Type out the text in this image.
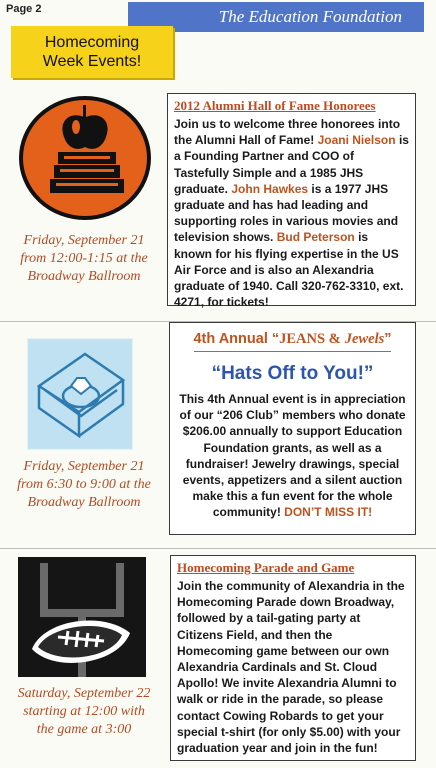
Page 2	The Education Foundation
Homecoming
Week Events!
Friday, September 21
from 12:00-1:15 at the
Broadway Ballroom
2012 Alumni Hall of Fame Honorees
Join us to welcome three honorees into the Alumni Hall of Fame! Joani Nielson is a Founding Partner and COO of Tastefully Simple and a 1985 JHS graduate. John Hawkes is a 1977 JHS graduate and has had leading and supporting roles in various movies and television shows. Bud Peterson is known for his flying expertise in the US Air Force and is also an Alexandria graduate of 1940. Call 320-762-3310, ext. 4271, for tickets!
Friday, September 21
from 6:30 to 9:00 at the
Broadway Ballroom
4th Annual “JEANS & Jewels”
“Hats Off to You!”
This 4th Annual event is in appreciation of our “206 Club” members who donate $206.00 annually to support Education Foundation grants, as well as a fundraiser! Jewelry drawings, special events, appetizers and a silent auction make this a fun event for the whole community! DON’T MISS IT!
Saturday, September 22
starting at 12:00 with
the game at 3:00
Homecoming Parade and Game
Join the community of Alexandria in the Homecoming Parade down Broadway, followed by a tail-gating party at Citizens Field, and then the Homecoming game between our own Alexandria Cardinals and St. Cloud Apollo! We invite Alexandria Alumni to walk or ride in the parade, so please contact Cowing Robards to get your special t-shirt (for only $5.00) with your graduation year and join in the fun!
